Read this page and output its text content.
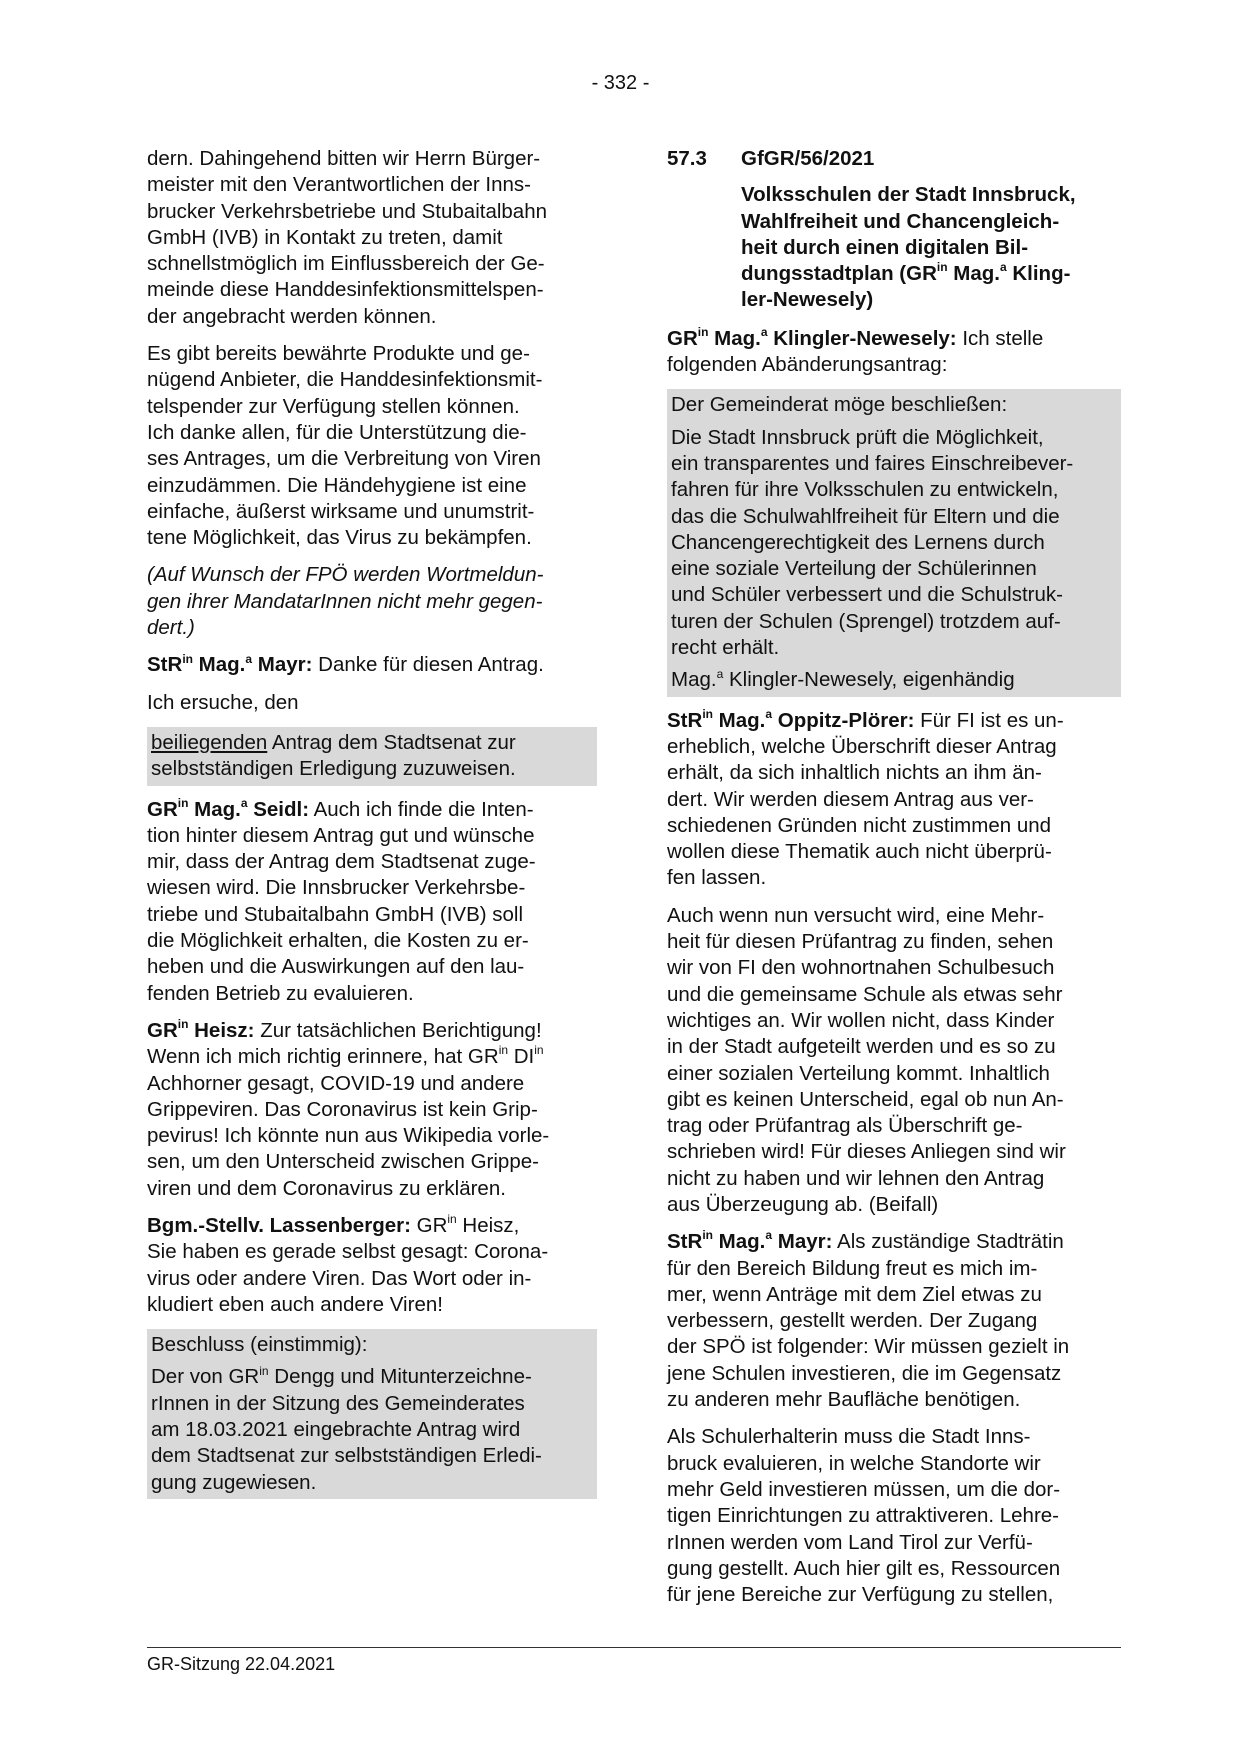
- 332 -

dern. Dahingehend bitten wir Herrn Bürger-
meister mit den Verantwortlichen der Inns-
brucker Verkehrsbetriebe und Stubaitalbahn
GmbH (IVB) in Kontakt zu treten, damit
schnellstmöglich im Einflussbereich der Ge-
meinde diese Handdesinfektionsmittelspen-
der angebracht werden können.

Es gibt bereits bewährte Produkte und ge-
nügend Anbieter, die Handdesinfektionsmit-
telspender zur Verfügung stellen können.
Ich danke allen, für die Unterstützung die-
ses Antrages, um die Verbreitung von Viren
einzudämmen. Die Händehygiene ist eine
einfache, äußerst wirksame und unumstrit-
tene Möglichkeit, das Virus zu bekämpfen.

(Auf Wunsch der FPÖ werden Wortmeldun-
gen ihrer MandatarInnen nicht mehr gegen-
dert.)

StR$^{in}$ Mag.$^a$ Mayr: Danke für diesen Antrag.

Ich ersuche, den

beiliegenden Antrag dem Stadtsenat zur
selbstständigen Erledigung zuzuweisen.

$GR^{in}$ Mag.$^a$ Seidl: Auch ich finde die Inten-
tion hinter diesem Antrag gut und wünsche
mir, dass der Antrag dem Stadtsenat zuge-
wiesen wird. Die Innsbrucker Verkehrsbe-
triebe und Stubaitalbahn GmbH (IVB) soll
die Möglichkeit erhalten, die Kosten zu er-
heben und die Auswirkungen auf den lau-
fenden Betrieb zu evaluieren.

$GR^{in}$ Heisz: Zur tatsächlichen Berichtigung!
Wenn ich mich richtig erinnere, hat $GR^{in}$ $DI^{in}$
Achhorner gesagt, COVID-19 und andere
Grippeviren. Das Coronavirus ist kein Grip-
pevirus! Ich könnte nun aus Wikipedia vorle-
sen, um den Unterscheid zwischen Grippe-
viren und dem Coronavirus zu erklären.

Bgm.-Stellv. Lassenberger: $GR^{in}$ Heisz,
Sie haben es gerade selbst gesagt: Corona-
virus oder andere Viren. Das Wort oder in-
kludiert eben auch andere Viren!

Beschluss (einstimmig):

Der von $GR^{in}$ Dengg und Mitunterzeichne-
rInnen in der Sitzung des Gemeinderates
am 18.03.2021 eingebrachte Antrag wird
dem Stadtsenat zur selbstständigen Erledi-
gung zugewiesen.

57.3	GfGR/56/2021
Volksschulen der Stadt Innsbruck,
Wahlfreiheit und Chancengleich-
heit durch einen digitalen Bil-
dungsstadtplan ($GR^{in}$ Mag.$^a$ Kling-
ler-Newesely)

$GR^{in}$ Mag.$^a$ Klingler-Newesely: Ich stelle
folgenden Abänderungsantrag:

Der Gemeinderat möge beschließen:

Die Stadt Innsbruck prüft die Möglichkeit,
ein transparentes und faires Einschreibever-
fahren für ihre Volksschulen zu entwickeln,
das die Schulwahlfreiheit für Eltern und die
Chancengerechtigkeit des Lernens durch
eine soziale Verteilung der Schülerinnen
und Schüler verbessert und die Schulstruk-
turen der Schulen (Sprengel) trotzdem auf-
recht erhält.

Mag.$^a$ Klingler-Newesely, eigenhändig

StR$^{in}$ Mag.$^a$ Oppitz-Plörer: Für FI ist es un-
erheblich, welche Überschrift dieser Antrag
erhält, da sich inhaltlich nichts an ihm än-
dert. Wir werden diesem Antrag aus ver-
schiedenen Gründen nicht zustimmen und
wollen diese Thematik auch nicht überprü-
fen lassen.

Auch wenn nun versucht wird, eine Mehr-
heit für diesen Prüfantrag zu finden, sehen
wir von FI den wohnortnahen Schulbesuch
und die gemeinsame Schule als etwas sehr
wichtiges an. Wir wollen nicht, dass Kinder
in der Stadt aufgeteilt werden und es so zu
einer sozialen Verteilung kommt. Inhaltlich
gibt es keinen Unterscheid, egal ob nun An-
trag oder Prüfantrag als Überschrift ge-
schrieben wird! Für dieses Anliegen sind wir
nicht zu haben und wir lehnen den Antrag
aus Überzeugung ab. (Beifall)

StR$^{in}$ Mag.$^a$ Mayr: Als zuständige Stadträtin
für den Bereich Bildung freut es mich im-
mer, wenn Anträge mit dem Ziel etwas zu
verbessern, gestellt werden. Der Zugang
der SPÖ ist folgender: Wir müssen gezielt in
jene Schulen investieren, die im Gegensatz
zu anderen mehr Baufläche benötigen.

Als Schulerhalterin muss die Stadt Inns-
bruck evaluieren, in welche Standorte wir
mehr Geld investieren müssen, um die dor-
tigen Einrichtungen zu attraktiveren. Lehre-
rInnen werden vom Land Tirol zur Verfü-
gung gestellt. Auch hier gilt es, Ressourcen
für jene Bereiche zur Verfügung zu stellen,

GR-Sitzung 22.04.2021
